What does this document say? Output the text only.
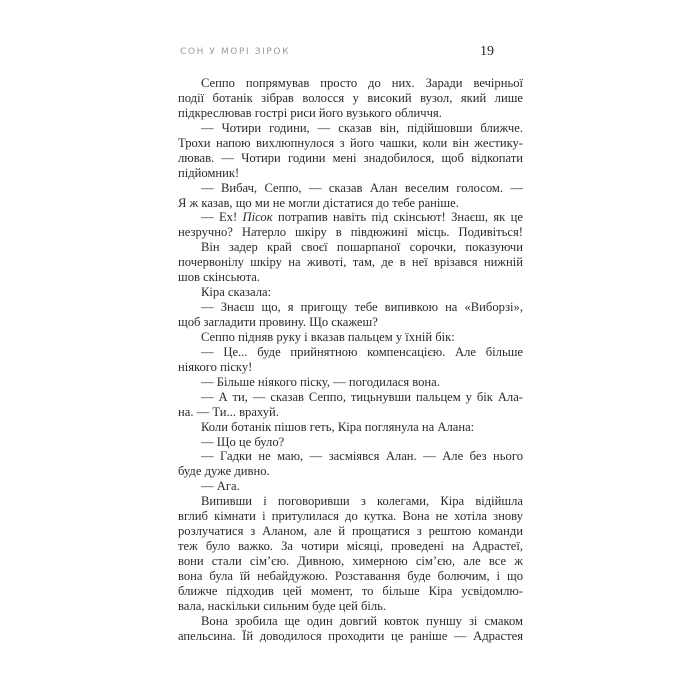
СОН У МОРІ ЗІРОК	19
Сеппо попрямував просто до них. Заради вечірньої
події ботанік зібрав волосся у високий вузол, який лише
підкреслював гострі риси його вузького обличчя.
— Чотири години, — сказав він, підійшовши ближче.
Трохи напою вихлюпнулося з його чашки, коли він жестику-
лював. — Чотири години мені знадобилося, щоб відкопати
підйомник!
— Вибач, Сеппо, — сказав Алан веселим голосом. —
Я ж казав, що ми не могли дістатися до тебе раніше.
— Ех! Пісок потрапив навіть під скінсьют! Знаєш, як це
незручно? Натерло шкіру в півдюжині місць. Подивіться!
Він задер край своєї пошарпаної сорочки, показуючи
почервонілу шкіру на животі, там, де в неї врізався нижній
шов скінсьюта.
Кіра сказала:
— Знаєш що, я пригощу тебе випивкою на «Виборзі»,
щоб загладити провину. Що скажеш?
Сеппо підняв руку і вказав пальцем у їхній бік:
— Це... буде прийнятною компенсацією. Але більше
ніякого піску!
— Більше ніякого піску, — погодилася вона.
— А ти, — сказав Сеппо, тицьнувши пальцем у бік Ала-
на. — Ти... врахуй.
Коли ботанік пішов геть, Кіра поглянула на Алана:
— Що це було?
— Гадки не маю, — засміявся Алан. — Але без нього
буде дуже дивно.
— Ага.
Випивши і поговоривши з колегами, Кіра відійшла
вглиб кімнати і притулилася до кутка. Вона не хотіла знову
розлучатися з Аланом, але й прощатися з рештою команди
теж було важко. За чотири місяці, проведені на Адрастеї,
вони стали сім’єю. Дивною, химерною сім’єю, але все ж
вона була їй небайдужою. Розставання буде болючим, і що
ближче підходив цей момент, то більше Кіра усвідомлю-
вала, наскільки сильним буде цей біль.
Вона зробила ще один довгий ковток пуншу зі смаком
апельсина. Їй доводилося проходити це раніше — Адрастея
